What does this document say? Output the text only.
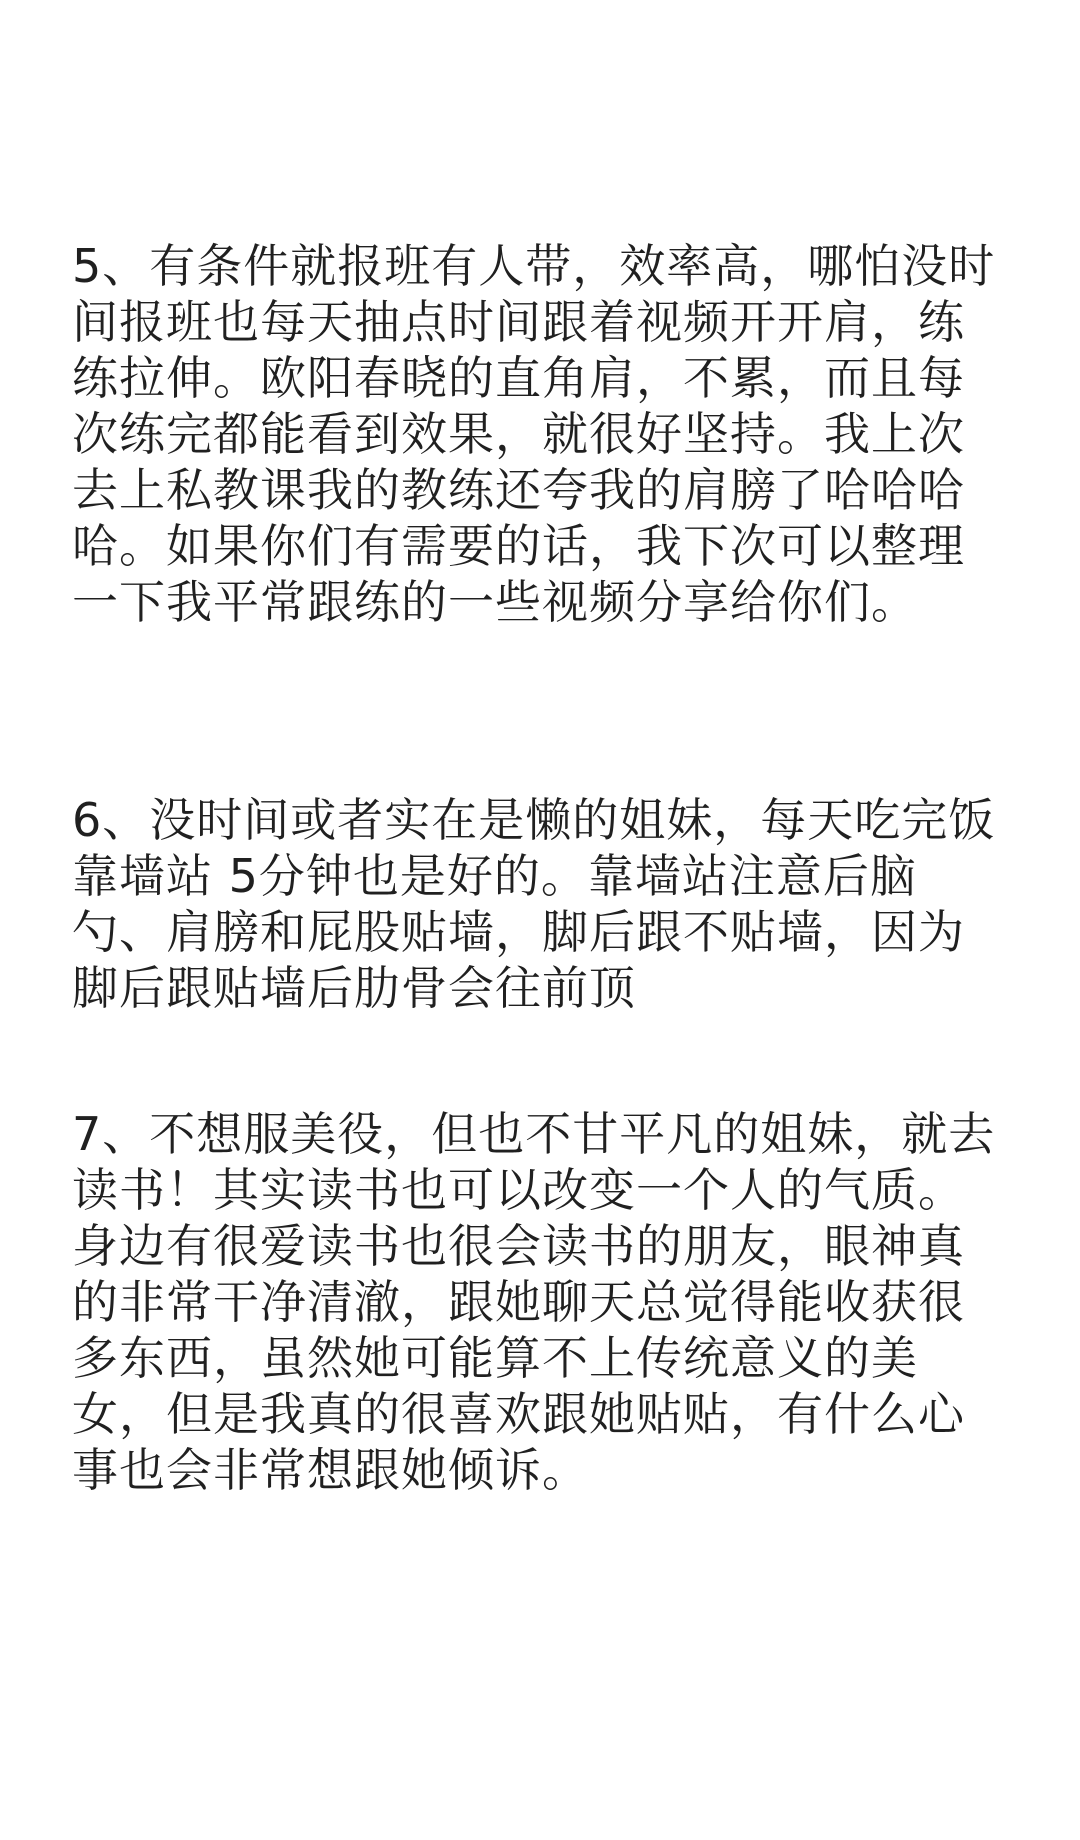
5、有条件就报班有人带，效率高，哪怕没时
间报班也每天抽点时间跟着视频开开肩，练
练拉伸。欧阳春晓的直角肩，不累，而且每
次练完都能看到效果，就很好坚持。我上次
去上私教课我的教练还夸我的肩膀了哈哈哈
哈。如果你们有需要的话，我下次可以整理
一下我平常跟练的一些视频分享给你们。
6、没时间或者实在是懒的姐妹，每天吃完饭
靠墙站 5分钟也是好的。靠墙站注意后脑
勺、肩膀和屁股贴墙，脚后跟不贴墙，因为
脚后跟贴墙后肋骨会往前顶
7、不想服美役，但也不甘平凡的姐妹，就去
读书！其实读书也可以改变一个人的气质。
身边有很爱读书也很会读书的朋友，眼神真
的非常干净清澈，跟她聊天总觉得能收获很
多东西，虽然她可能算不上传统意义的美
女，但是我真的很喜欢跟她贴贴，有什么心
事也会非常想跟她倾诉。
